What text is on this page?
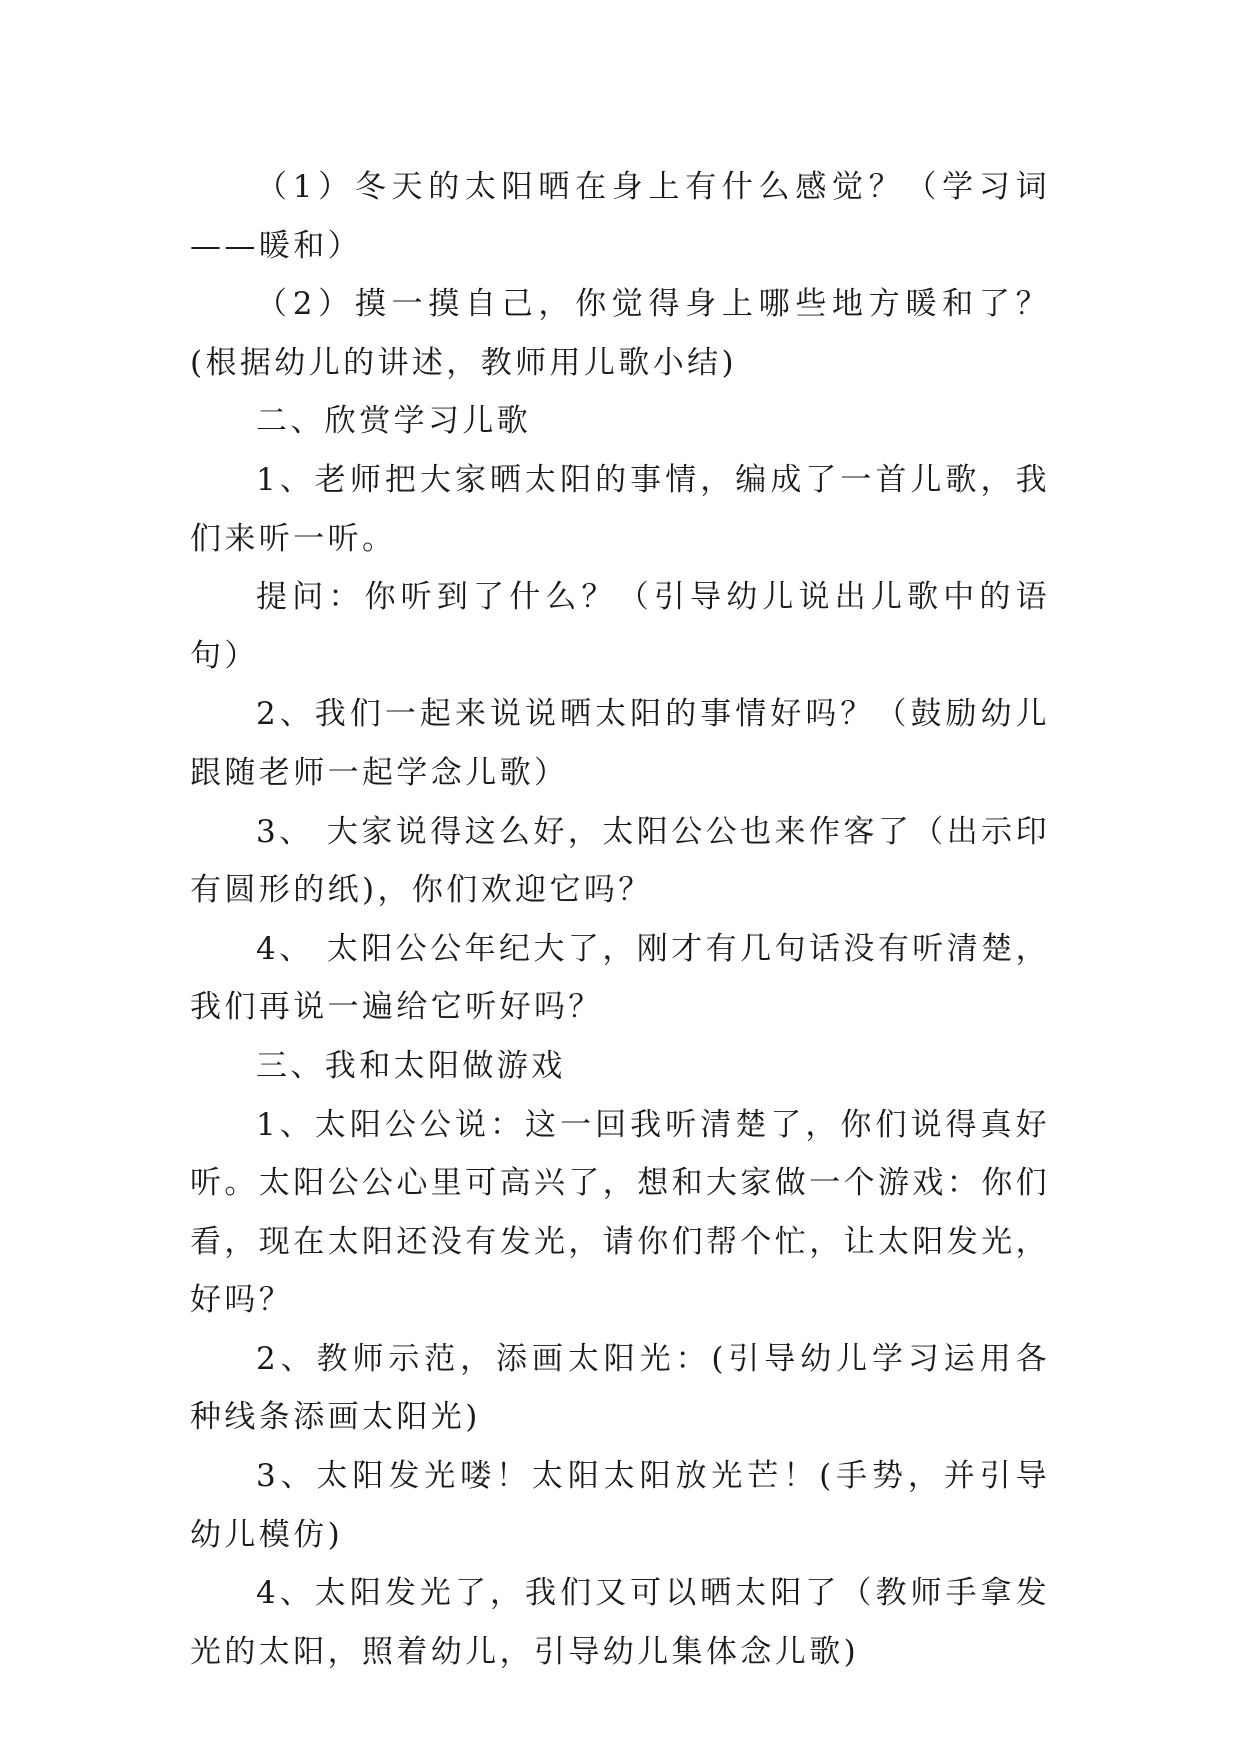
（1）冬天的太阳晒在身上有什么感觉？（学习词——暖和）

（2）摸一摸自己，你觉得身上哪些地方暖和了？(根据幼儿的讲述，教师用儿歌小结)

二、欣赏学习儿歌

1、老师把大家晒太阳的事情，编成了一首儿歌，我们来听一听。

提问：你听到了什么？（引导幼儿说出儿歌中的语句）

2、我们一起来说说晒太阳的事情好吗？（鼓励幼儿跟随老师一起学念儿歌）

3、 大家说得这么好，太阳公公也来作客了（出示印有圆形的纸)，你们欢迎它吗？

4、 太阳公公年纪大了，刚才有几句话没有听清楚，我们再说一遍给它听好吗？

三、我和太阳做游戏

1、太阳公公说：这一回我听清楚了，你们说得真好听。太阳公公心里可高兴了，想和大家做一个游戏：你们看，现在太阳还没有发光，请你们帮个忙，让太阳发光，好吗？

2、教师示范，添画太阳光：(引导幼儿学习运用各种线条添画太阳光)

3、太阳发光喽！太阳太阳放光芒！(手势，并引导幼儿模仿)

4、太阳发光了，我们又可以晒太阳了（教师手拿发光的太阳，照着幼儿，引导幼儿集体念儿歌)
